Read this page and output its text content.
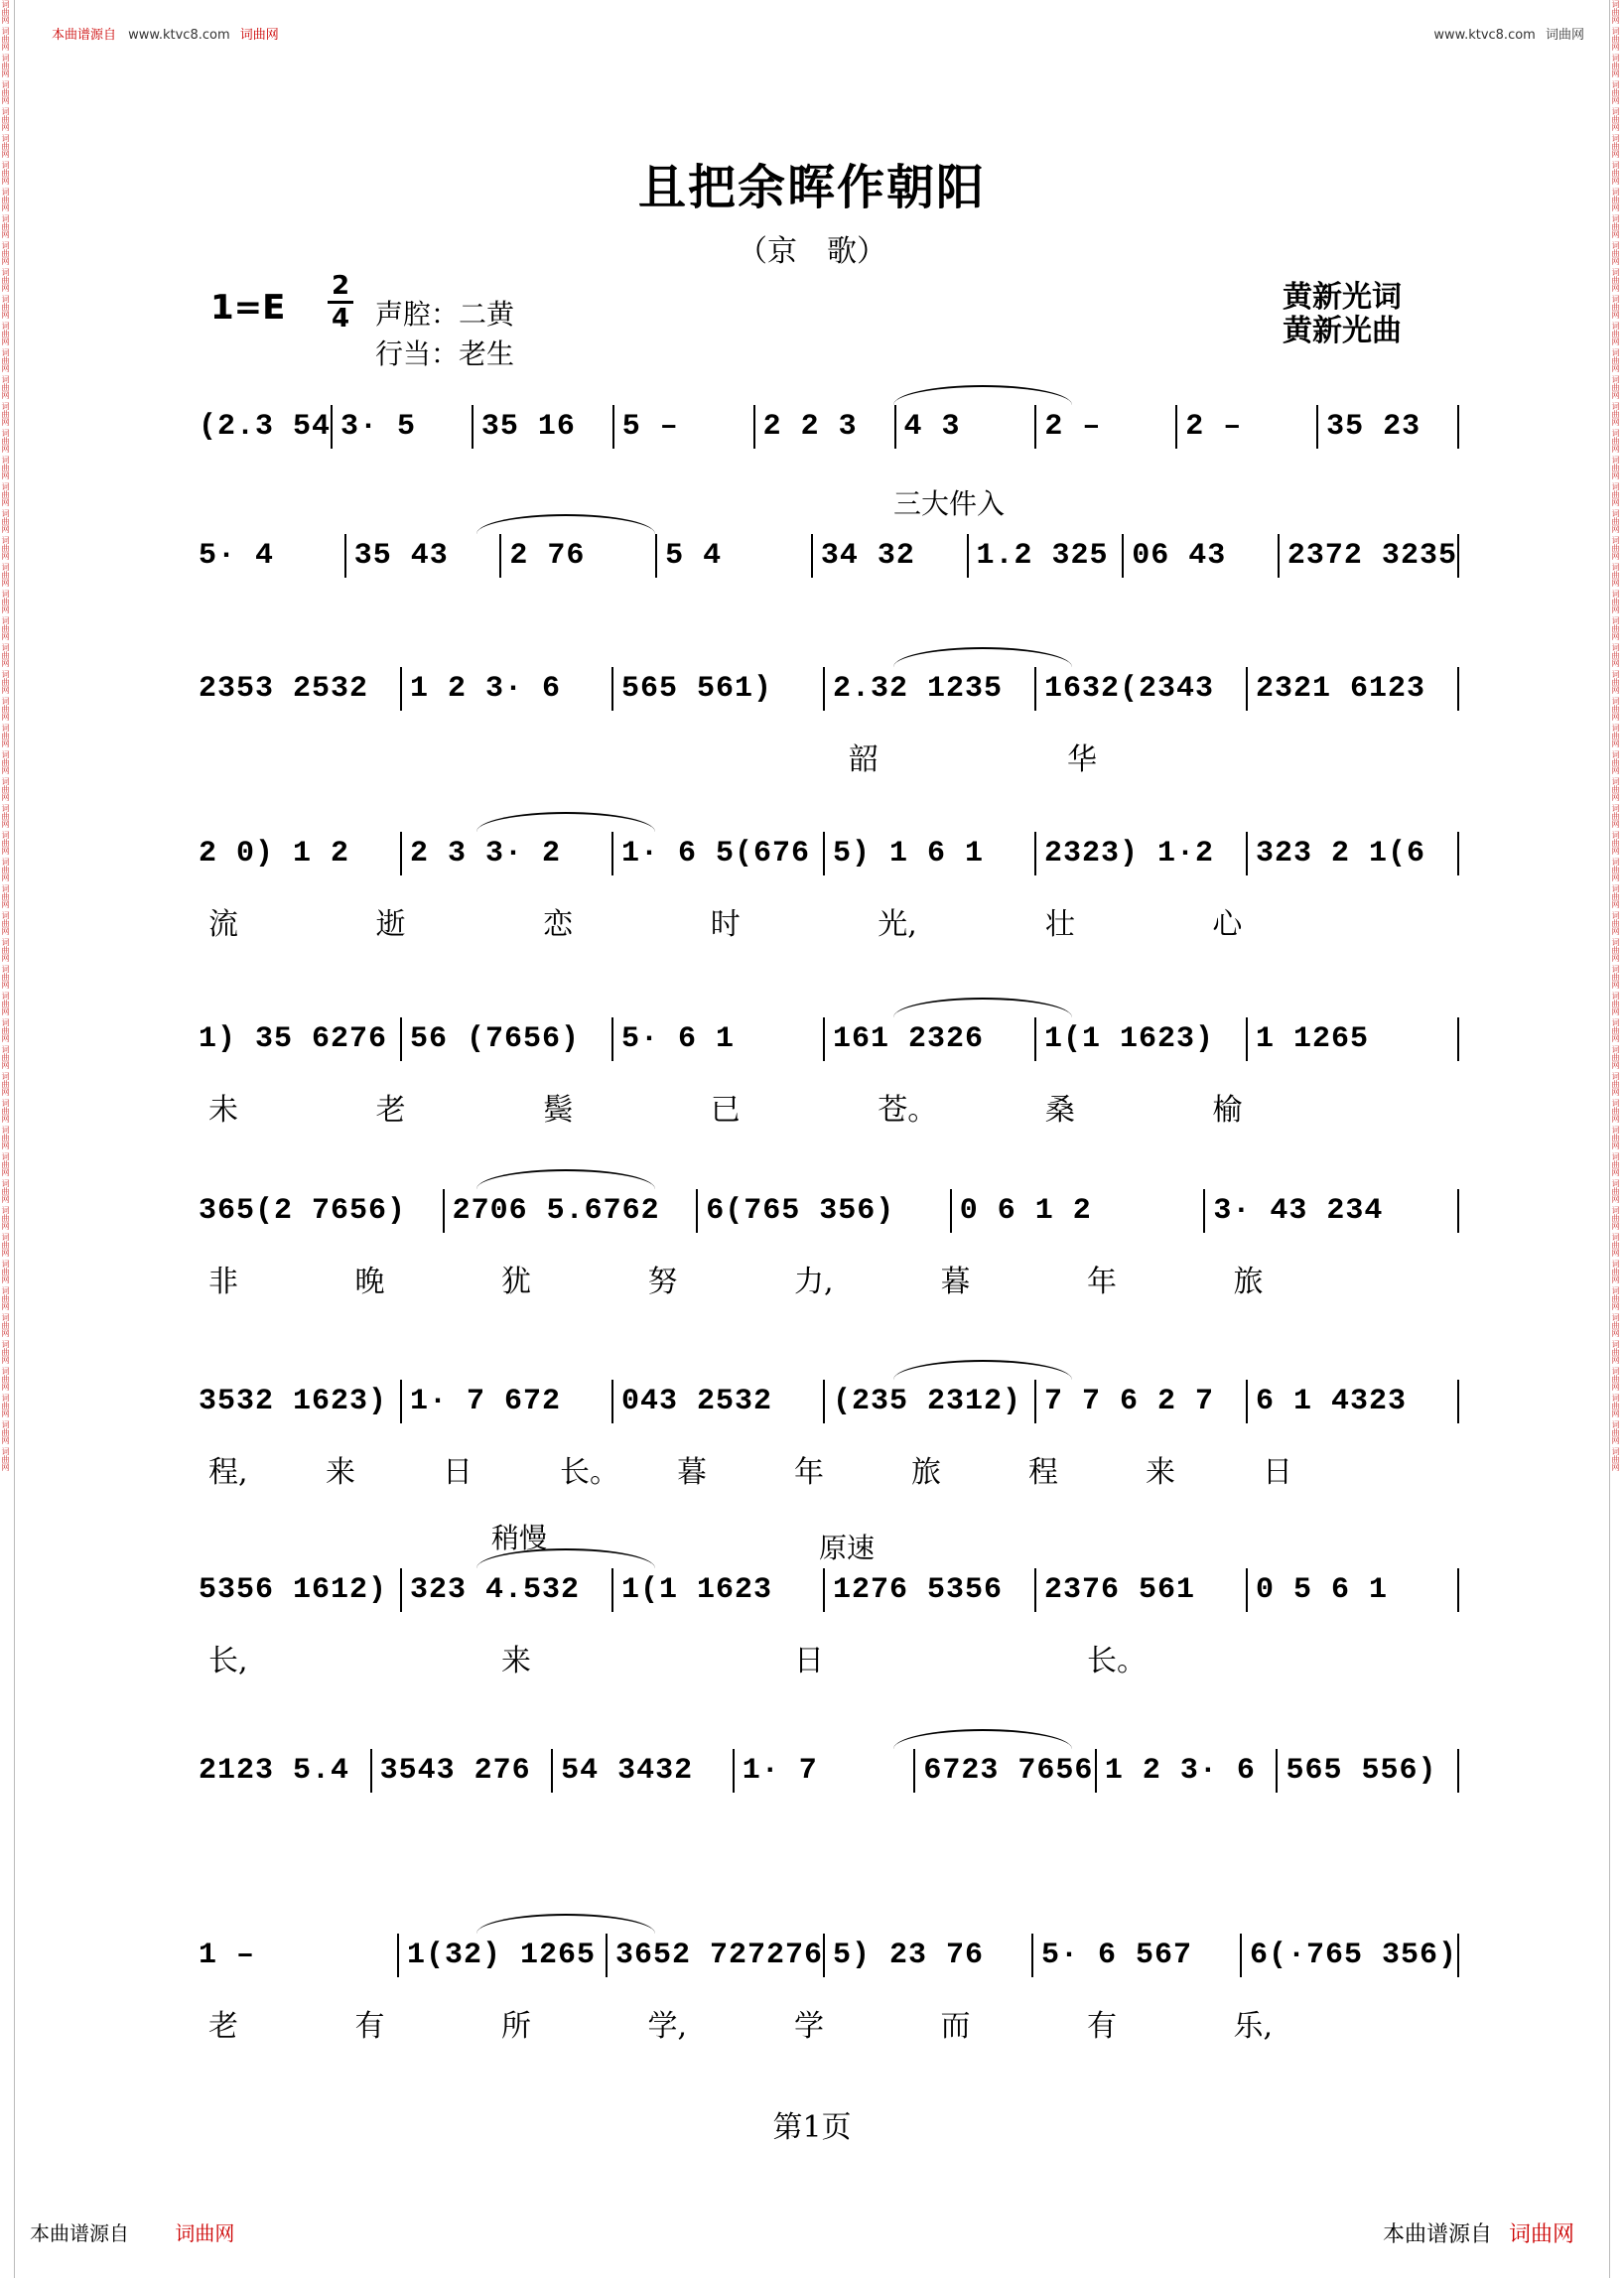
词曲网
词曲网
词曲网
词曲网
词曲网
词曲网
词曲网
词曲网
词曲网
词曲网
词曲网
词曲网
词曲网
词曲网
词曲网
词曲网
词曲网
词曲网
词曲网
词曲网
词曲网
词曲网
词曲网
词曲网
词曲网
词曲网
词曲网
词曲网
词曲网
词曲网
词曲网
词曲网
词曲网
词曲网
词曲网
词曲网
词曲网
词曲网
词曲网
词曲网
词曲网
词曲网
词曲网
词曲网
词曲网
词曲网
词曲网
词曲网
词曲网
词曲网
词曲网
词曲网
词曲网
词曲网
词曲网
词曲网
词曲网
词曲网
词曲网
词曲网
词曲网
词曲网
词曲网
词曲网
词曲网
词曲网
词曲网
词曲网
词曲网
词曲网
词曲网
词曲网
词曲网
词曲网
词曲网
词曲网
词曲网
词曲网
词曲网
词曲网
词曲网
词曲网
词曲网
词曲网
词曲网
词曲网
词曲网
词曲网
词曲网
词曲网
词曲网
词曲网
词曲网
词曲网
词曲网
词曲网
词曲网
词曲网
词曲网
词曲网
词曲网
词曲网
词曲网
词曲网
词曲网
词曲网
词曲网
词曲网
词曲网
词曲网
本曲谱源自 www.ktvc8.com 词曲网	www.ktvc8.com 词曲网
且把余晖作朝阳
（京　歌）
1=E
2
4 声腔：二黄
行当：老生
黄新光词
黄新光曲
(2.3 54 3· 5	35 16	5 –	2 2 3	4 3	2 –	2 –	35 23
三大件入
5· 4	35 43	2 76	5 4	34 32	1.2 325 06 43	2372 3235
2353 2532	1 2 3· 6	565 561)	2.32 1235	1632(2343	2321 6123
韶	华
2 0) 1 2	2 3 3· 2	1· 6 5(676 5) 1 6 1	2323) 1·2	323 2 1(6
流	逝	恋	时	光,	壮	心
1) 35 6276 56 (7656)	5· 6 1	161 2326	1(1 1623)	1 1265
未	老	鬓	已	苍。	桑	榆
365(2 7656)	2706 5.6762	6(765 356)	0 6 1 2	3· 43 234
非	晚	犹	努	力,	暮	年	旅
3532 1623) 1· 7 672	043 2532	(235 2312) 7 7 6 2 7	6 1 4323
程,	来	日	长。 暮	年	旅	程	来	日
稍慢	原速
5356 1612) 323 4.532	1(1 1623	1276 5356	2376 561	0 5 6 1
长,	来	日	长。
2123 5.4	3543 276	54 3432	1· 7	6723 7656 1 2 3· 6	565 556)
1 –	1(32) 1265 3652 727276 5) 23 76	5· 6 567	6(·765 356)
老	有	所	学,	学	而	有	乐,
第1页
本曲谱源自 词曲网	本曲谱源自 词曲网
